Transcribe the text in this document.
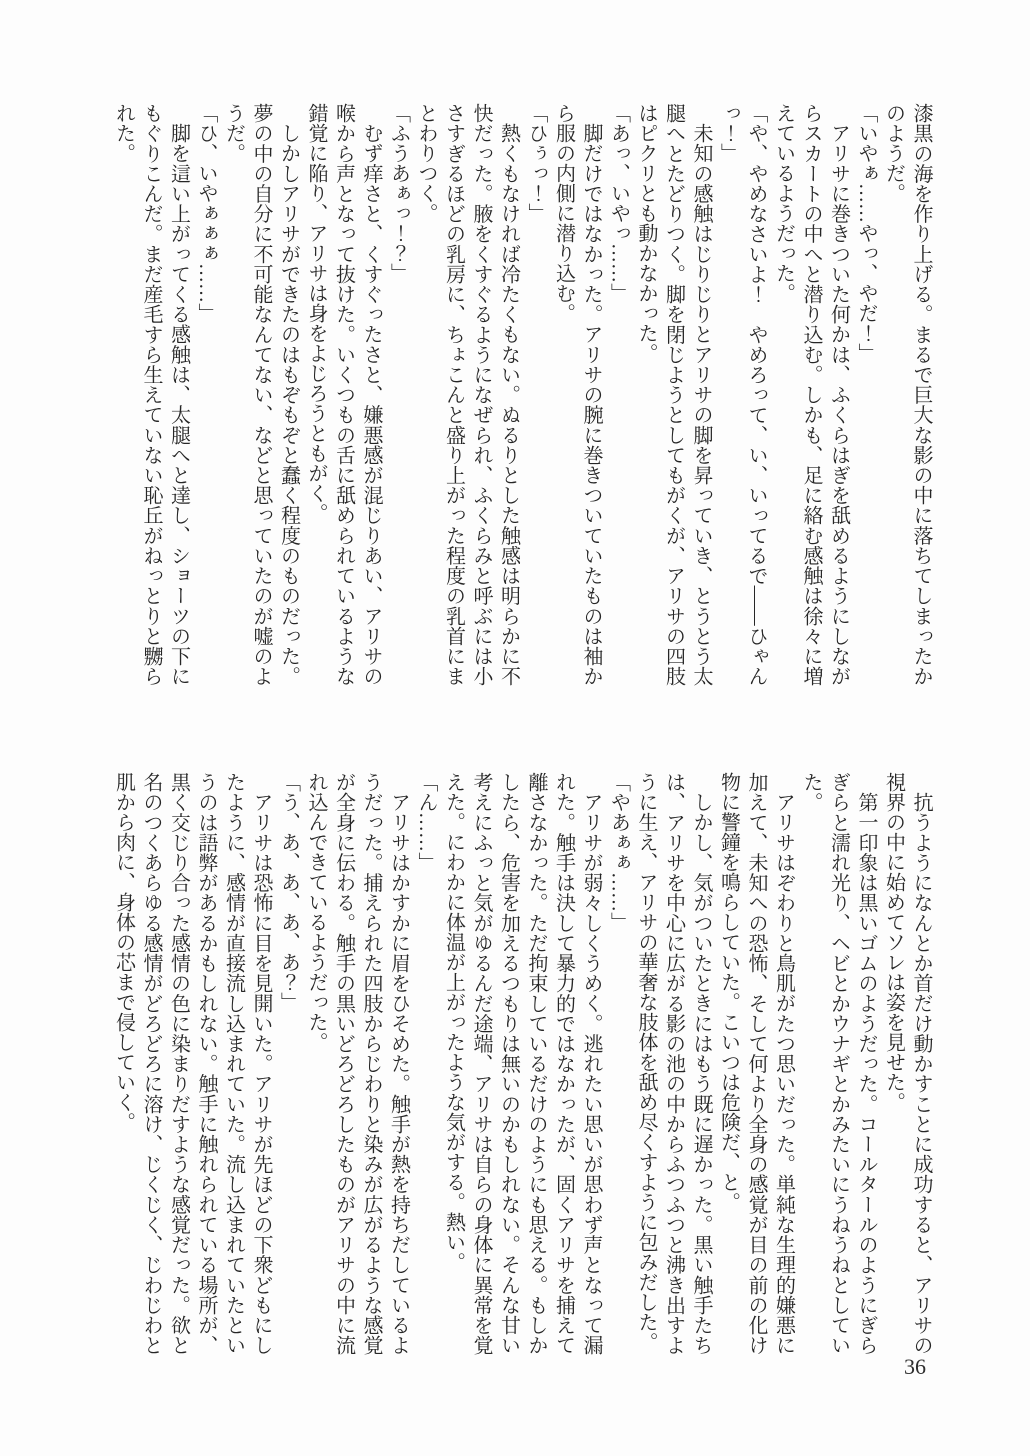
漆黒の海を作り上げる。まるで巨大な影の中に落ちてしまったかのようだ。

「いやぁ……やっ、やだ！」

アリサに巻きついた何かは、ふくらはぎを舐めるようにしながらスカートの中へと潜り込む。しかも、足に絡む感触は徐々に増えているようだった。

「や、やめなさいよ！　やめろって、い、いってるで――ひゃんっ！」

未知の感触はじりじりとアリサの脚を昇っていき、とうとう太腿へとたどりつく。脚を閉じようとしてもがくが、アリサの四肢はピクリとも動かなかった。

「あっ、いやっ……」

脚だけではなかった。アリサの腕に巻きついていたものは袖から服の内側に潜り込む。

「ひぅっ！」

熱くもなければ冷たくもない。ぬるりとした触感は明らかに不快だった。腋をくすぐるようになぜられ、ふくらみと呼ぶには小さすぎるほどの乳房に、ちょこんと盛り上がった程度の乳首にまとわりつく。

「ふうあぁっ！？」

むず痒さと、くすぐったさと、嫌悪感が混じりあい、アリサの喉から声となって抜けた。いくつもの舌に舐められているような錯覚に陥り、アリサは身をよじろうともがく。

しかしアリサができたのはもぞもぞと蠢く程度のものだった。夢の中の自分に不可能なんてない、などと思っていたのが嘘のようだ。

「ひ、いやぁぁぁ……」

脚を這い上がってくる感触は、太腿へと達し、ショーツの下にもぐりこんだ。まだ産毛すら生えていない恥丘がねっとりと嬲られた。

抗うようになんとか首だけ動かすことに成功すると、アリサの視界の中に始めてソレは姿を見せた。

第一印象は黒いゴムのようだった。コールタールのようにぎらぎらと濡れ光り、ヘビとかウナギとかみたいにうねうねとしていた。

アリサはぞわりと鳥肌がたつ思いだった。単純な生理的嫌悪に加えて、未知への恐怖、そして何より全身の感覚が目の前の化け物に警鐘を鳴らしていた。こいつは危険だ、と。

しかし、気がついたときにはもう既に遅かった。黒い触手たちは、アリサを中心に広がる影の池の中からふつふつと沸き出すように生え、アリサの華奢な肢体を舐め尽くすように包みだした。

「やあぁぁ……」

アリサが弱々しくうめく。逃れたい思いが思わず声となって漏れた。触手は決して暴力的ではなかったが、固くアリサを捕えて離さなかった。ただ拘束しているだけのようにも思える。もしかしたら、危害を加えるつもりは無いのかもしれない。そんな甘い考えにふっと気がゆるんだ途端、アリサは自らの身体に異常を覚えた。にわかに体温が上がったような気がする。熱い。

「ん……」

アリサはかすかに眉をひそめた。触手が熱を持ちだしているようだった。捕えられた四肢からじわりと染みが広がるような感覚が全身に伝わる。触手の黒いどろどろしたものがアリサの中に流れ込んできているようだった。

「う、あ、あ、あ、あ？」

アリサは恐怖に目を見開いた。アリサが先ほどの下衆どもにしたように、感情が直接流し込まれていた。流し込まれていたというのは語弊があるかもしれない。触手に触れられている場所が、黒く交じり合った感情の色に染まりだすような感覚だった。欲と名のつくあらゆる感情がどろどろに溶け、じくじく、じわじわと肌から肉に、身体の芯まで侵していく。

36
